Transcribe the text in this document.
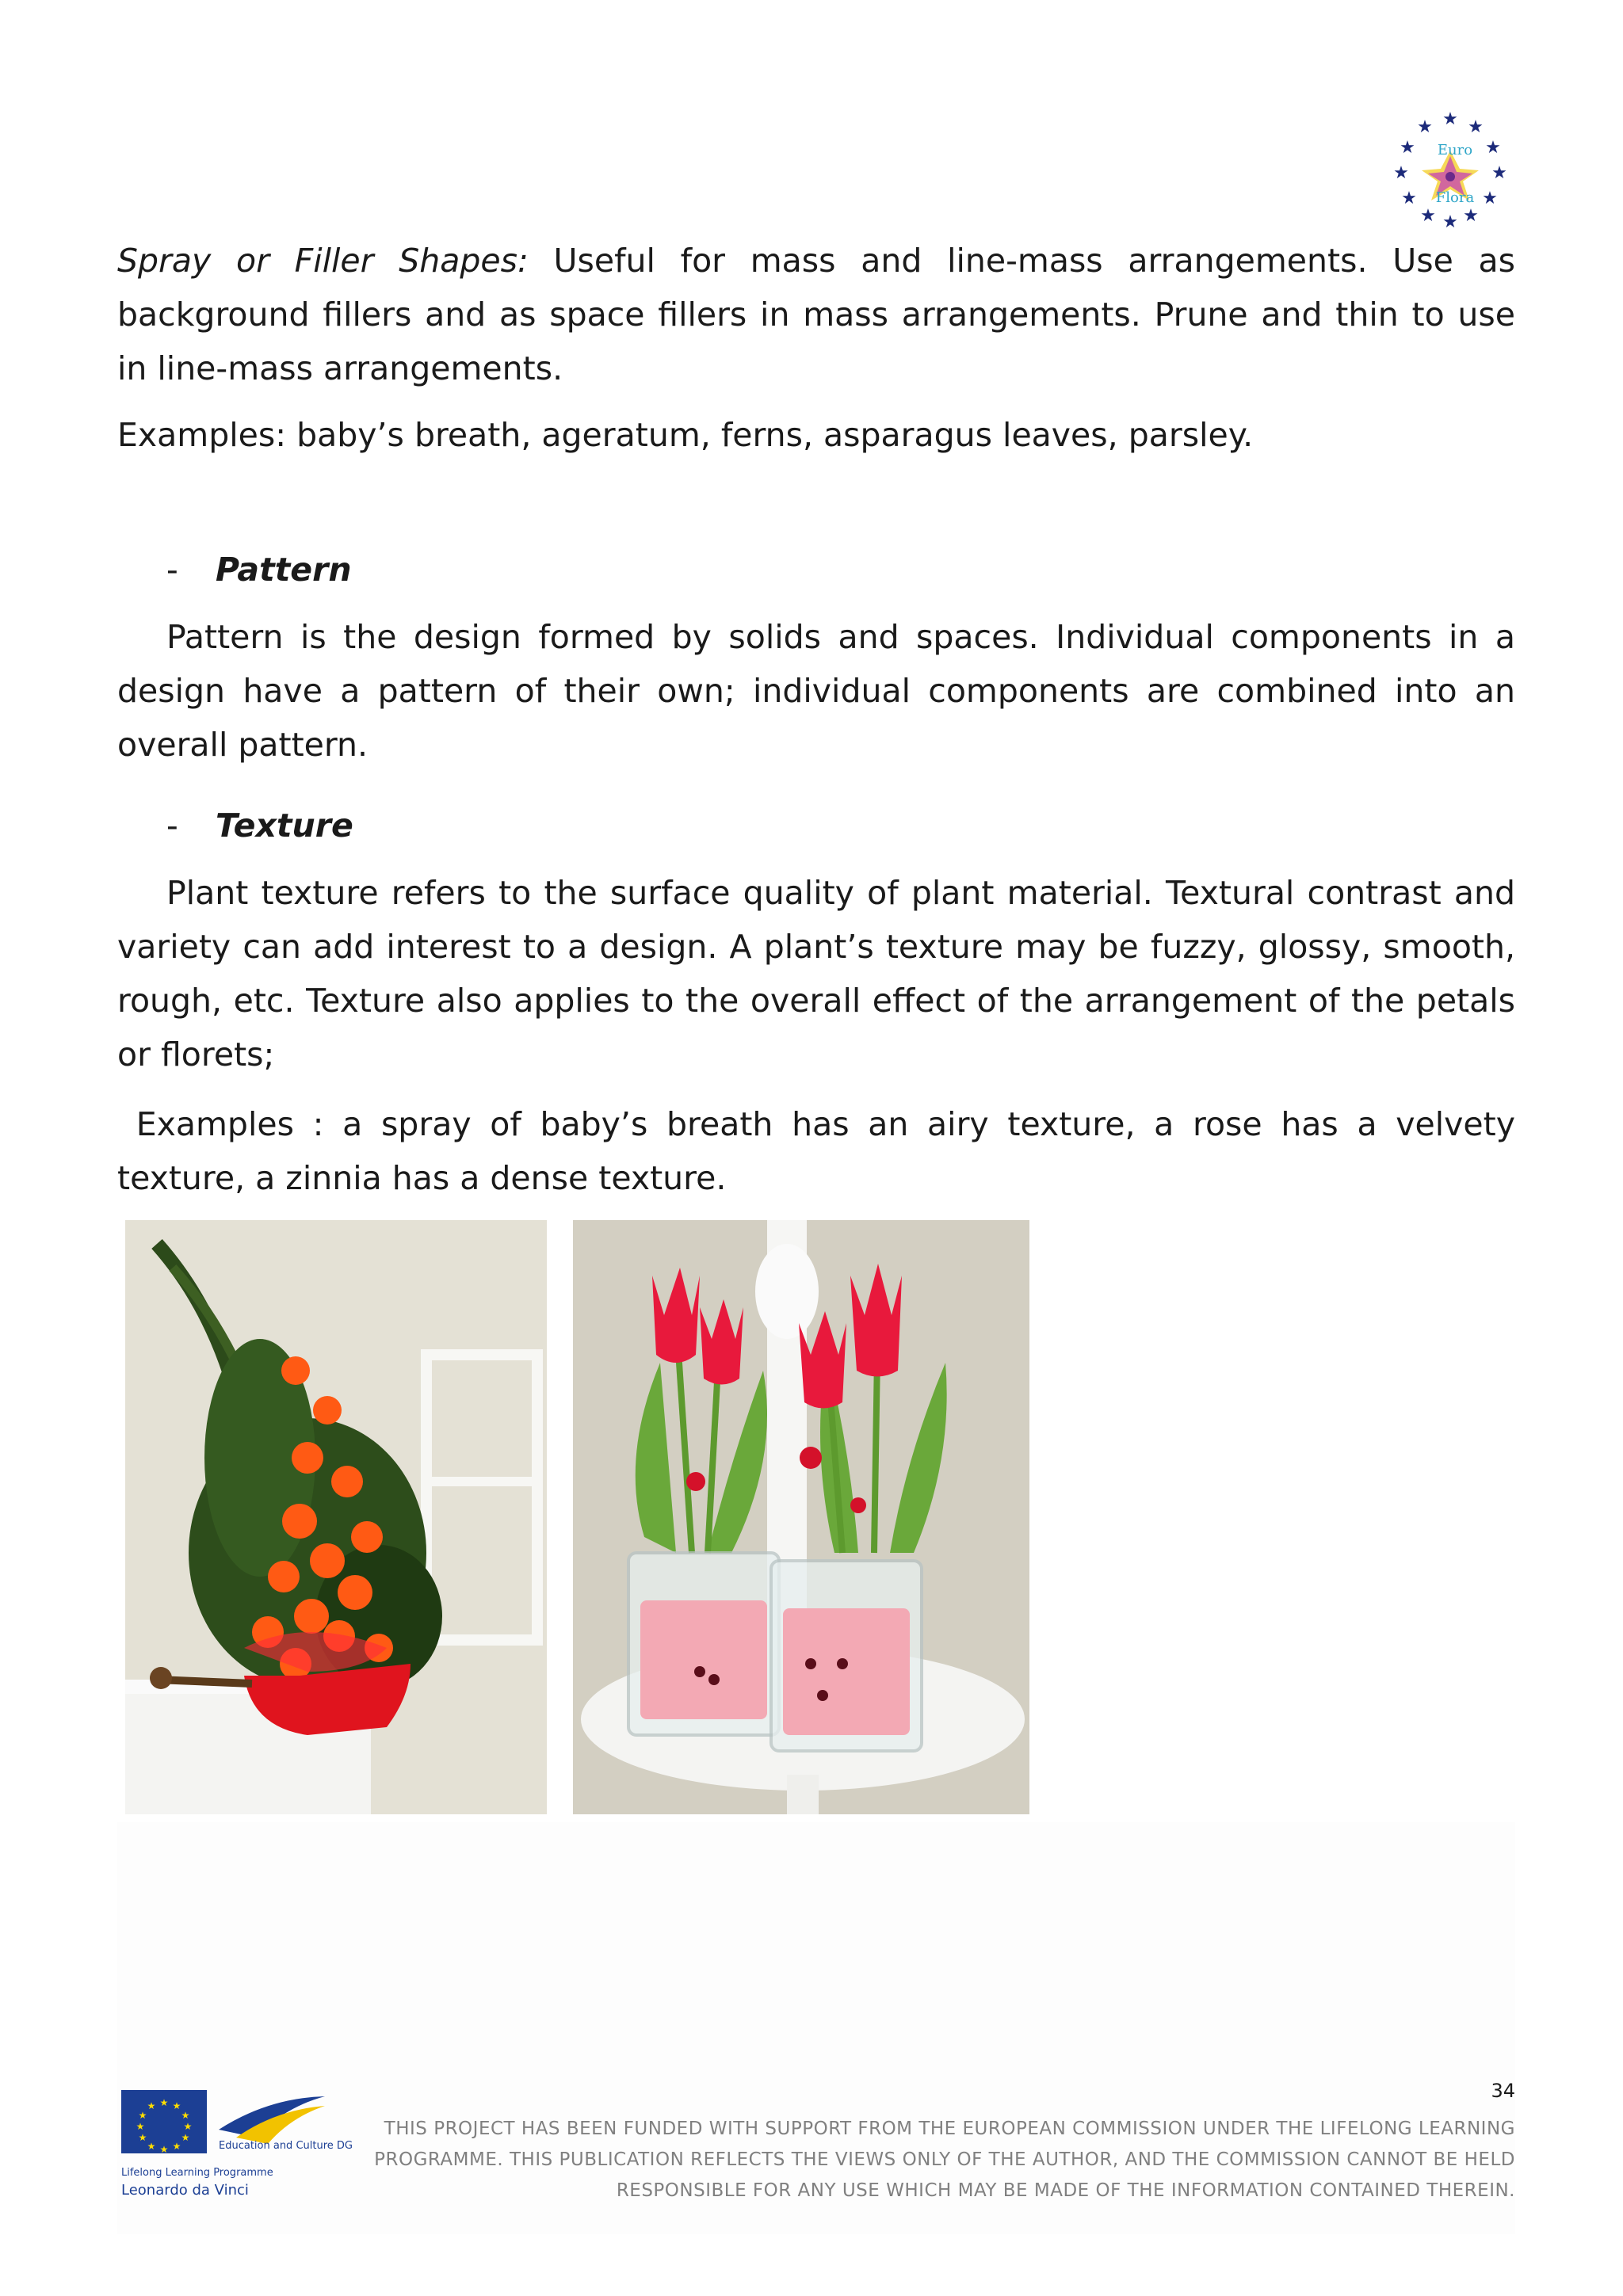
★ ★
★
★
★
★
★
★
★
★
★
★
Euro
Flora
Spray or Filler Shapes: Useful for mass and line-mass arrangements. Use as background fillers and as space fillers in mass arrangements. Prune and thin to use in line-mass arrangements.
Examples: baby’s breath, ageratum, ferns, asparagus leaves, parsley.
- Pattern
Pattern is the design formed by solids and spaces. Individual components in a design have a pattern of their own; individual components are combined into an overall pattern.
- Texture
Plant texture refers to the surface quality of plant material. Textural contrast and variety can add interest to a design. A plant’s texture may be fuzzy, glossy, smooth, rough, etc. Texture also applies to the overall effect of the arrangement of the petals or florets;
Examples : a spray of baby’s breath has an airy texture, a rose has a velvety texture, a zinnia has a dense texture.
34
★ ★
★
★
★
★
★
★
★
★
★
★
Education and Culture DG
Lifelong Learning Programme
Leonardo da Vinci
THIS PROJECT HAS BEEN FUNDED WITH SUPPORT FROM THE EUROPEAN COMMISSION UNDER THE LIFELONG LEARNING
PROGRAMME. THIS PUBLICATION REFLECTS THE VIEWS ONLY OF THE AUTHOR, AND THE COMMISSION CANNOT BE HELD
RESPONSIBLE FOR ANY USE WHICH MAY BE MADE OF THE INFORMATION CONTAINED THEREIN.
